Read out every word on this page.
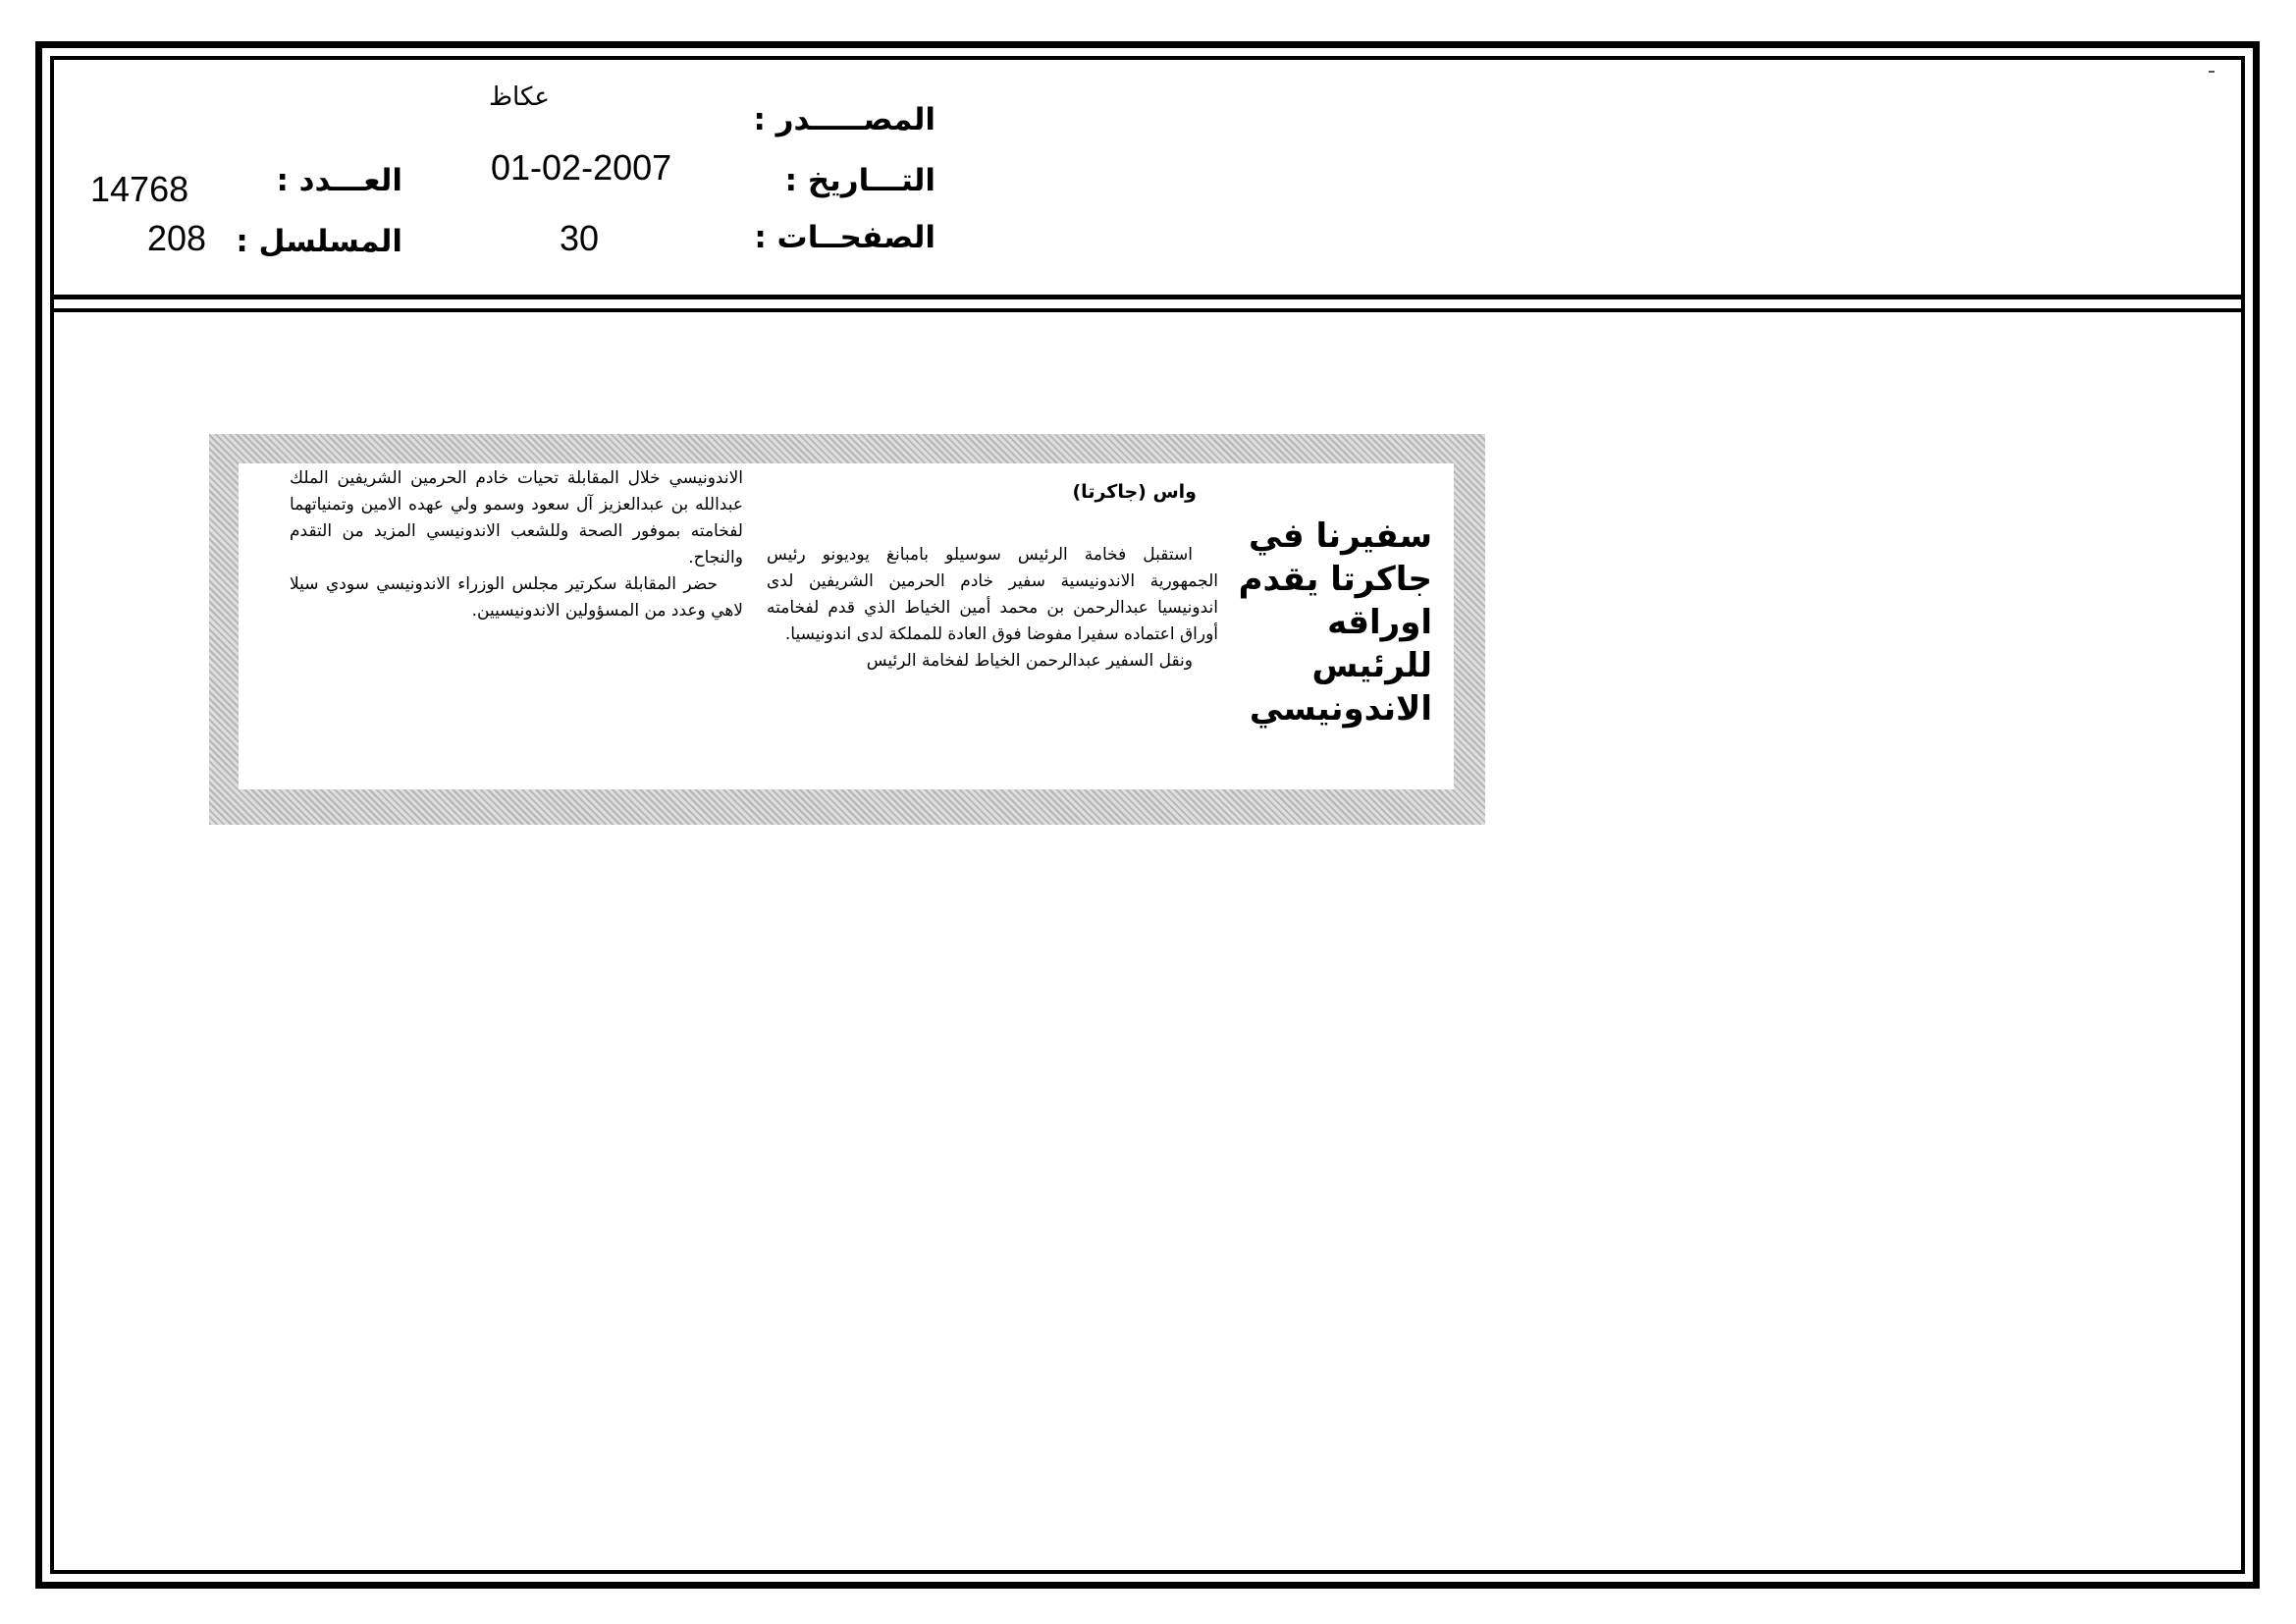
المصـــــدر :
التـــاريخ :
الصفحــات :
عكاظ
01-02-2007
30
العـــدد :
المسلسل :
14768
208
سفيرنا في
جاكرتا يقدم
اوراقه للرئيس
الاندونيسي
واس (جاكرتا)

استقبل فخامة الرئيس سوسيلو بامبانغ يوديونو رئيس الجمهورية الاندونيسية سفير خادم الحرمين الشريفين لدى اندونيسيا عبدالرحمن بن محمد أمين الخياط الذي قدم لفخامته أوراق اعتماده سفيرا مفوضا فوق العادة للمملكة لدى اندونيسيا.

ونقل السفير عبدالرحمن الخياط لفخامة الرئيس

الاندونيسي خلال المقابلة تحيات خادم الحرمين الشريفين الملك عبدالله بن عبدالعزيز آل سعود وسمو ولي عهده الامين وتمنياتهما لفخامته بموفور الصحة وللشعب الاندونيسي المزيد من التقدم والنجاح.

حضر المقابلة سكرتير مجلس الوزراء الاندونيسي سودي سيلا لاهي وعدد من المسؤولين الاندونيسيين.
